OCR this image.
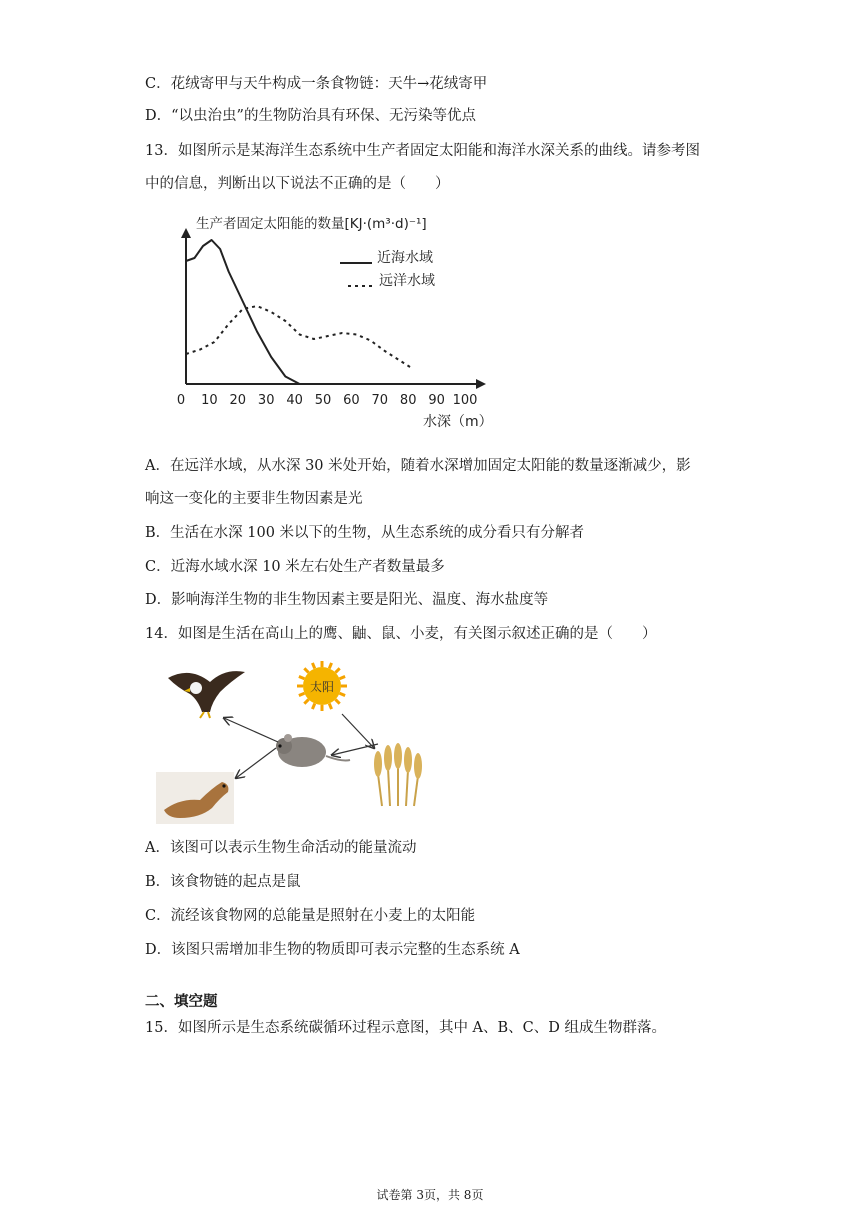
C．花绒寄甲与天牛构成一条食物链：天牛→花绒寄甲
D．“以虫治虫”的生物防治具有环保、无污染等优点
13．如图所示是某海洋生态系统中生产者固定太阳能和海洋水深关系的曲线。请参考图
中的信息，判断出以下说法不正确的是（　　）
生产者固定太阳能的数量[KJ·(m³·d)⁻¹]
0 10 20 30 40 50 60 70 80 90 100
近海水域
远洋水域
水深（m）
A．在远洋水域，从水深 30 米处开始，随着水深增加固定太阳能的数量逐渐减少，影
响这一变化的主要非生物因素是光
B．生活在水深 100 米以下的生物，从生态系统的成分看只有分解者
C．近海水域水深 10 米左右处生产者数量最多
D．影响海洋生物的非生物因素主要是阳光、温度、海水盐度等
14．如图是生活在高山上的鹰、鼬、鼠、小麦，有关图示叙述正确的是（　　）
太阳
A．该图可以表示生物生命活动的能量流动
B．该食物链的起点是鼠
C．流经该食物网的总能量是照射在小麦上的太阳能
D．该图只需增加非生物的物质即可表示完整的生态系统 A
二、填空题
15．如图所示是生态系统碳循环过程示意图，其中 A、B、C、D 组成生物群落。
试卷第 3页，共 8页
